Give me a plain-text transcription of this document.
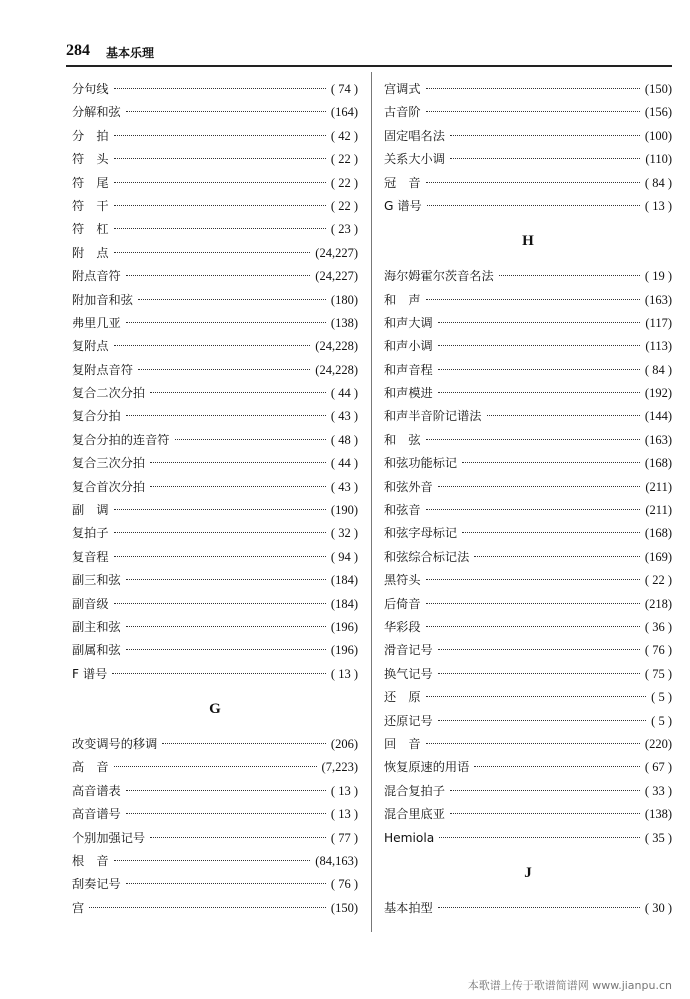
284 基本乐理
分句线	( 74 )
分解和弦	(164)
分　拍	( 42 )
符　头	( 22 )
符　尾	( 22 )
符　干	( 22 )
符　杠	( 23 )
附　点	(24,227)
附点音符	(24,227)
附加音和弦	(180)
弗里几亚	(138)
复附点	(24,228)
复附点音符	(24,228)
复合二次分拍	( 44 )
复合分拍	( 43 )
复合分拍的连音符	( 48 )
复合三次分拍	( 44 )
复合首次分拍	( 43 )
副　调	(190)
复拍子	( 32 )
复音程	( 94 )
副三和弦	(184)
副音级	(184)
副主和弦	(196)
副属和弦	(196)
F 谱号	( 13 )
G
改变调号的移调	(206)
高　音	(7,223)
高音谱表	( 13 )
高音谱号	( 13 )
个别加强记号	( 77 )
根　音	(84,163)
刮奏记号	( 76 )
宫	(150)
宫调式	(150)
古音阶	(156)
固定唱名法	(100)
关系大小调	(110)
冠　音	( 84 )
G 谱号	( 13 )
H
海尔姆霍尔茨音名法	( 19 )
和　声	(163)
和声大调	(117)
和声小调	(113)
和声音程	( 84 )
和声模进	(192)
和声半音阶记谱法	(144)
和　弦	(163)
和弦功能标记	(168)
和弦外音	(211)
和弦音	(211)
和弦字母标记	(168)
和弦综合标记法	(169)
黑符头	( 22 )
后倚音	(218)
华彩段	( 36 )
滑音记号	( 76 )
换气记号	( 75 )
还　原	( 5 )
还原记号	( 5 )
回　音	(220)
恢复原速的用语	( 67 )
混合复拍子	( 33 )
混合里底亚	(138)
Hemiola	( 35 )
J
基本拍型	( 30 )
本歌谱上传于歌谱简谱网 www.jianpu.cn
